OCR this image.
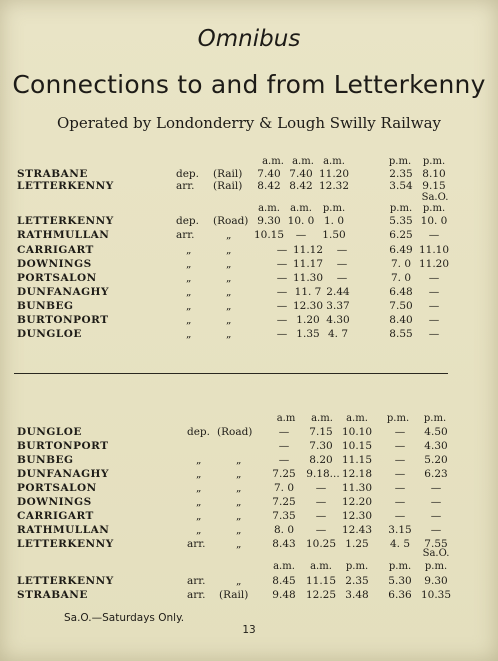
Omnibus
Connections to and from Letterkenny
Operated by Londonderry & Lough Swilly Railway
a.m. a.m. a.m.	p.m.	p.m.
STRABANE	dep. (Rail)	7.40 7.40 11.20	2.35 8.10
LETTERKENNY	arr. (Rail)	8.42 8.42 12.32	3.54 9.15
Sa.O.
a.m.	a.m.	p.m.	p.m.	p.m.
LETTERKENNY	dep. (Road) 9.30 10. 0 1. 0	5.35 10. 0
RATHMULLAN	arr.	„	10.15	—	1.50	6.25	—
CARRIGART	„	„	— 11.12	—	6.49 11.10
DOWNINGS	„	„	— 11.17	—	7. 0 11.20
PORTSALON	„	„	— 11.30	—	7. 0	—
DUNFANAGHY	„	„	— 11. 7 2.44	6.48	—
BUNBEG	„	„	— 12.30 3.37	7.50	—
BURTONPORT	„	„	— 1.20 4.30	8.40	—
DUNGLOE	„	„	— 1.35 4. 7	8.55	—
a.m	a.m.	a.m.	p.m.	p.m.
DUNGLOE	dep. (Road)	—	7.15 10.10	—	4.50
BURTONPORT	—	7.30 10.15	—	4.30
BUNBEG	„	„	—	8.20 11.15	—	5.20
DUNFANAGHY	„	„	7.25	9.18... 12.18	—	6.23
PORTSALON	„	„	7. 0	—	11.30	—	—
DOWNINGS	„	„	7.25	—	12.20	—	—
CARRIGART	„	„	7.35	—	12.30	—	—
RATHMULLAN	„	„	8. 0	—	12.43	3.15	—
LETTERKENNY	arr.	„	8.43 10.25 1.25	4. 5	7.55
Sa.O.
a.m.	a.m.	p.m.	p.m.	p.m.
LETTERKENNY	arr.	„	8.45 11.15 2.35	5.30	9.30
STRABANE	arr. (Rail)	9.48 12.25 3.48	6.36 10.35
Sa.O.—Saturdays Only.
13
